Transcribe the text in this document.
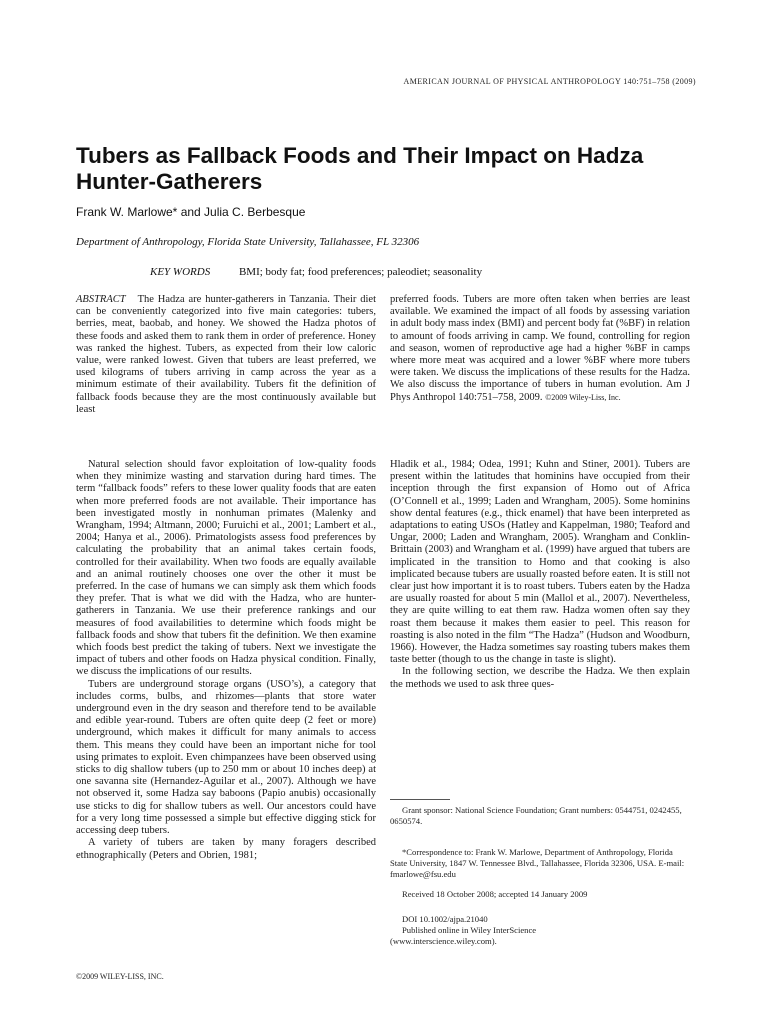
AMERICAN JOURNAL OF PHYSICAL ANTHROPOLOGY 140:751–758 (2009)
Tubers as Fallback Foods and Their Impact on Hadza Hunter-Gatherers
Frank W. Marlowe* and Julia C. Berbesque
Department of Anthropology, Florida State University, Tallahassee, FL 32306
KEY WORDS	BMI; body fat; food preferences; paleodiet; seasonality

ABSTRACT The Hadza are hunter-gatherers in Tanzania. Their diet can be conveniently categorized into five main categories: tubers, berries, meat, baobab, and honey. We showed the Hadza photos of these foods and asked them to rank them in order of preference. Honey was ranked the highest. Tubers, as expected from their low caloric value, were ranked lowest. Given that tubers are least preferred, we used kilograms of tubers arriving in camp across the year as a minimum estimate of their availability. Tubers fit the definition of fallback foods because they are the most continuously available but least

preferred foods. Tubers are more often taken when berries are least available. We examined the impact of all foods by assessing variation in adult body mass index (BMI) and percent body fat (%BF) in relation to amount of foods arriving in camp. We found, controlling for region and season, women of reproductive age had a higher %BF in camps where more meat was acquired and a lower %BF where more tubers were taken. We discuss the implications of these results for the Hadza. We also discuss the importance of tubers in human evolution. Am J Phys Anthropol 140:751–758, 2009. ©2009 Wiley-Liss, Inc.

Natural selection should favor exploitation of low-quality foods when they minimize wasting and starvation during hard times. The term “fallback foods” refers to these lower quality foods that are eaten when more preferred foods are not available. Their importance has been investigated mostly in nonhuman primates (Malenky and Wrangham, 1994; Altmann, 2000; Furuichi et al., 2001; Lambert et al., 2004; Hanya et al., 2006). Primatologists assess food preferences by calculating the probability that an animal takes certain foods, controlled for their availability. When two foods are equally available and an animal routinely chooses one over the other it must be preferred. In the case of humans we can simply ask them which foods they prefer. That is what we did with the Hadza, who are hunter-gatherers in Tanzania. We use their preference rankings and our measures of food availabilities to determine which foods might be fallback foods and show that tubers fit the definition. We then examine which foods best predict the taking of tubers. Next we investigate the impact of tubers and other foods on Hadza physical condition. Finally, we discuss the implications of our results.

Tubers are underground storage organs (USO’s), a category that includes corms, bulbs, and rhizomes—plants that store water underground even in the dry season and therefore tend to be available and edible year-round. Tubers are often quite deep (2 feet or more) underground, which makes it difficult for many animals to access them. This means they could have been an important niche for tool using primates to exploit. Even chimpanzees have been observed using sticks to dig shallow tubers (up to 250 mm or about 10 inches deep) at one savanna site (Hernandez-Aguilar et al., 2007). Although we have not observed it, some Hadza say baboons (Papio anubis) occasionally use sticks to dig for shallow tubers as well. Our ancestors could have for a very long time possessed a simple but effective digging stick for accessing deep tubers.

A variety of tubers are taken by many foragers described ethnographically (Peters and Obrien, 1981;

Hladik et al., 1984; Odea, 1991; Kuhn and Stiner, 2001). Tubers are present within the latitudes that hominins have occupied from their inception through the first expansion of Homo out of Africa (O’Connell et al., 1999; Laden and Wrangham, 2005). Some hominins show dental features (e.g., thick enamel) that have been interpreted as adaptations to eating USOs (Hatley and Kappelman, 1980; Teaford and Ungar, 2000; Laden and Wrangham, 2005). Wrangham and Conklin-Brittain (2003) and Wrangham et al. (1999) have argued that tubers are implicated in the transition to Homo and that cooking is also implicated because tubers are usually roasted before eaten. It is still not clear just how important it is to roast tubers. Tubers eaten by the Hadza are usually roasted for about 5 min (Mallol et al., 2007). Nevertheless, they are quite willing to eat them raw. Hadza women often say they roast them because it makes them easier to peel. This reason for roasting is also noted in the film “The Hadza” (Hudson and Woodburn, 1966). However, the Hadza sometimes say roasting tubers makes them taste better (though to us the change in taste is slight).

In the following section, we describe the Hadza. We then explain the methods we used to ask three ques-

Grant sponsor: National Science Foundation; Grant numbers: 0544751, 0242455, 0650574.

*Correspondence to: Frank W. Marlowe, Department of Anthropology, Florida State University, 1847 W. Tennessee Blvd., Tallahassee, Florida 32306, USA. E-mail: fmarlowe@fsu.edu

Received 18 October 2008; accepted 14 January 2009

DOI 10.1002/ajpa.21040

Published online in Wiley InterScience

(www.interscience.wiley.com).

©2009 WILEY-LISS, INC.
